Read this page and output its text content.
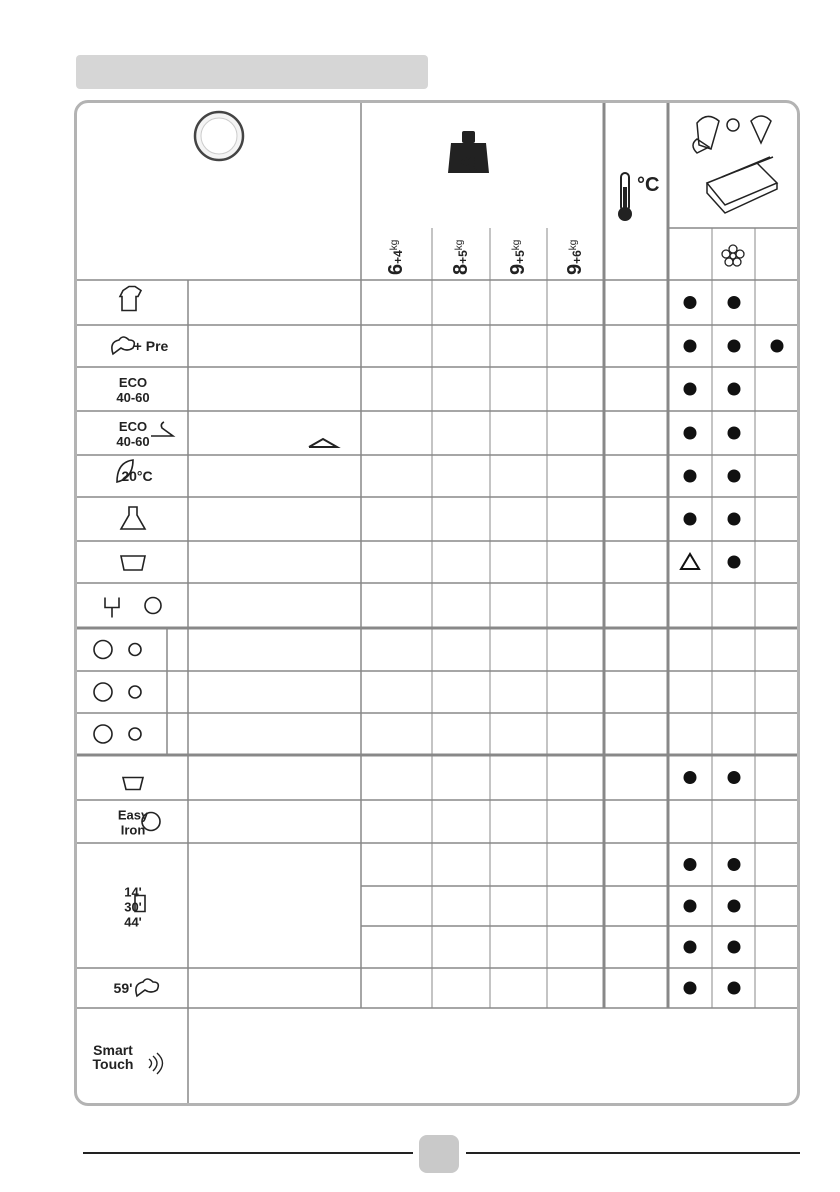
kg
°C
$6+4^{kg}$
$8+5^{kg}$
$9+5^{kg}$
$9+6^{kg}$
+ Pre
ECO 40-60
ECO 40-60
20°C
Easy Iron
14' 30' 44'
59'
Smart Touch
